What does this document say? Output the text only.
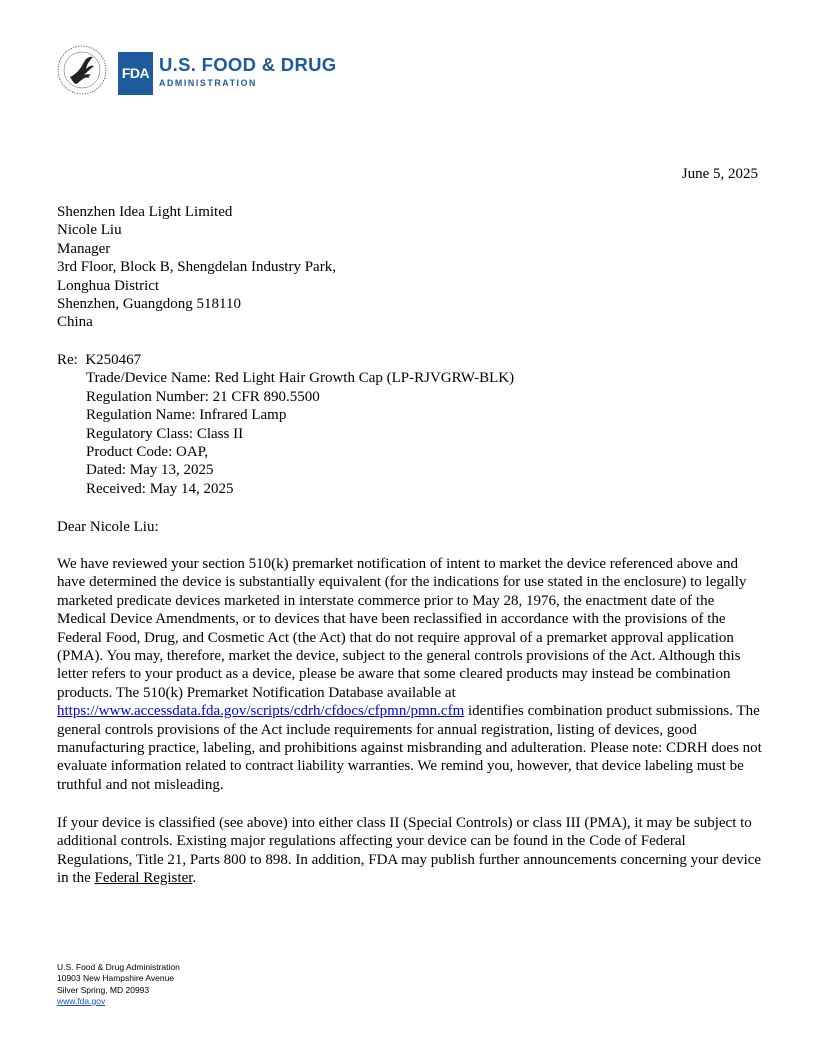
FDA U.S. FOOD & DRUG
ADMINISTRATION
June 5, 2025
Shenzhen Idea Light Limited
Nicole Liu
Manager
3rd Floor, Block B, Shengdelan Industry Park,
Longhua District
Shenzhen, Guangdong 518110
China
Re: K250467
Trade/Device Name: Red Light Hair Growth Cap (LP-RJVGRW-BLK)
Regulation Number: 21 CFR 890.5500
Regulation Name: Infrared Lamp
Regulatory Class: Class II
Product Code: OAP,
Dated: May 13, 2025
Received: May 14, 2025
Dear Nicole Liu:
We have reviewed your section 510(k) premarket notification of intent to market the device referenced above and have determined the device is substantially equivalent (for the indications for use stated in the enclosure) to legally marketed predicate devices marketed in interstate commerce prior to May 28, 1976, the enactment date of the Medical Device Amendments, or to devices that have been reclassified in accordance with the provisions of the Federal Food, Drug, and Cosmetic Act (the Act) that do not require approval of a premarket approval application (PMA). You may, therefore, market the device, subject to the general controls provisions of the Act. Although this letter refers to your product as a device, please be aware that some cleared products may instead be combination products. The 510(k) Premarket Notification Database available at https://www.accessdata.fda.gov/scripts/cdrh/cfdocs/cfpmn/pmn.cfm identifies combination product submissions. The general controls provisions of the Act include requirements for annual registration, listing of devices, good manufacturing practice, labeling, and prohibitions against misbranding and adulteration. Please note: CDRH does not evaluate information related to contract liability warranties. We remind you, however, that device labeling must be truthful and not misleading.
If your device is classified (see above) into either class II (Special Controls) or class III (PMA), it may be subject to additional controls. Existing major regulations affecting your device can be found in the Code of Federal Regulations, Title 21, Parts 800 to 898. In addition, FDA may publish further announcements concerning your device in the Federal Register.
U.S. Food & Drug Administration
10903 New Hampshire Avenue
Silver Spring, MD 20993
www.fda.gov
